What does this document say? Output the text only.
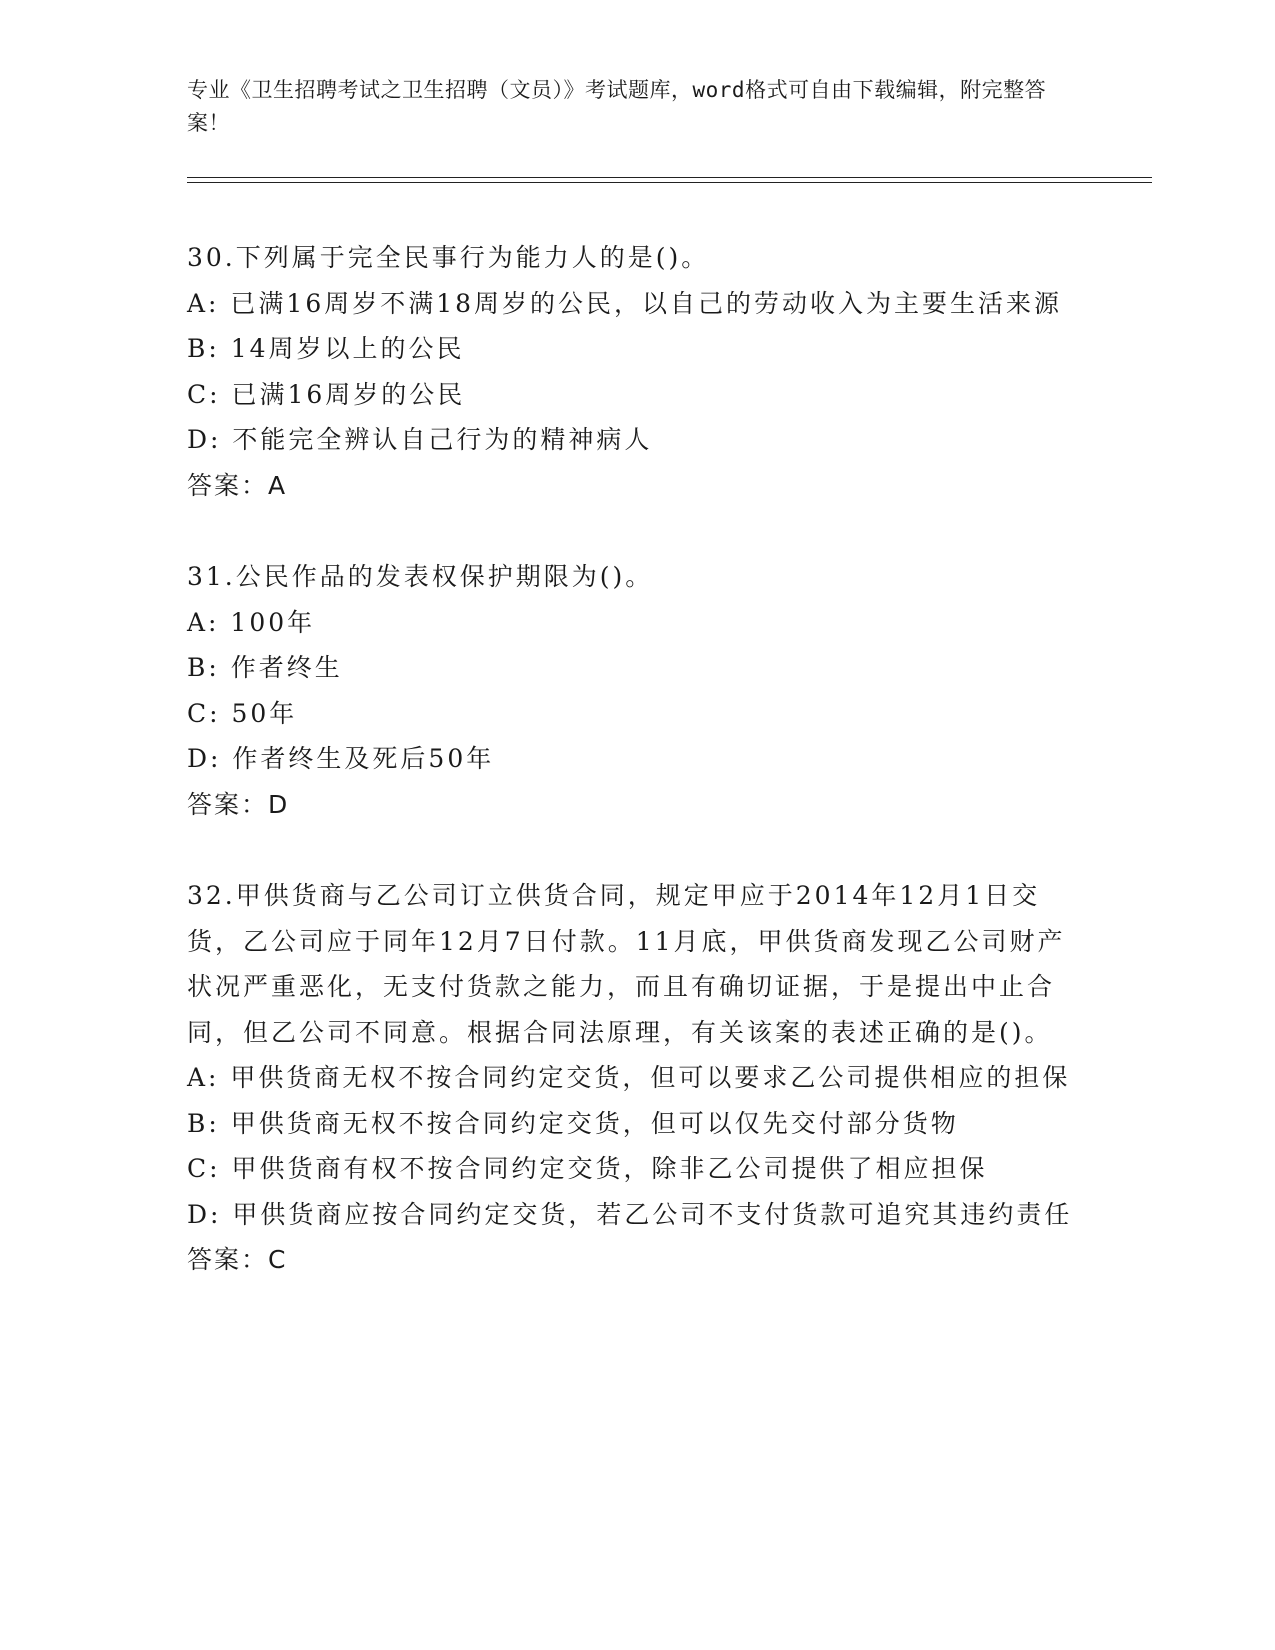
专业《卫生招聘考试之卫生招聘（文员）》考试题库，word格式可自由下载编辑，附完整答案！

30.下列属于完全民事行为能力人的是()。

A: 已满16周岁不满18周岁的公民，以自己的劳动收入为主要生活来源

B: 14周岁以上的公民

C: 已满16周岁的公民

D: 不能完全辨认自己行为的精神病人

答案：A

31.公民作品的发表权保护期限为()。

A: 100年

B: 作者终生

C: 50年

D: 作者终生及死后50年

答案：D

32.甲供货商与乙公司订立供货合同，规定甲应于2014年12月1日交货，乙公司应于同年12月7日付款。11月底，甲供货商发现乙公司财产状况严重恶化，无支付货款之能力，而且有确切证据，于是提出中止合同，但乙公司不同意。根据合同法原理，有关该案的表述正确的是()。

A: 甲供货商无权不按合同约定交货，但可以要求乙公司提供相应的担保

B: 甲供货商无权不按合同约定交货，但可以仅先交付部分货物

C: 甲供货商有权不按合同约定交货，除非乙公司提供了相应担保

D: 甲供货商应按合同约定交货，若乙公司不支付货款可追究其违约责任

答案：C
